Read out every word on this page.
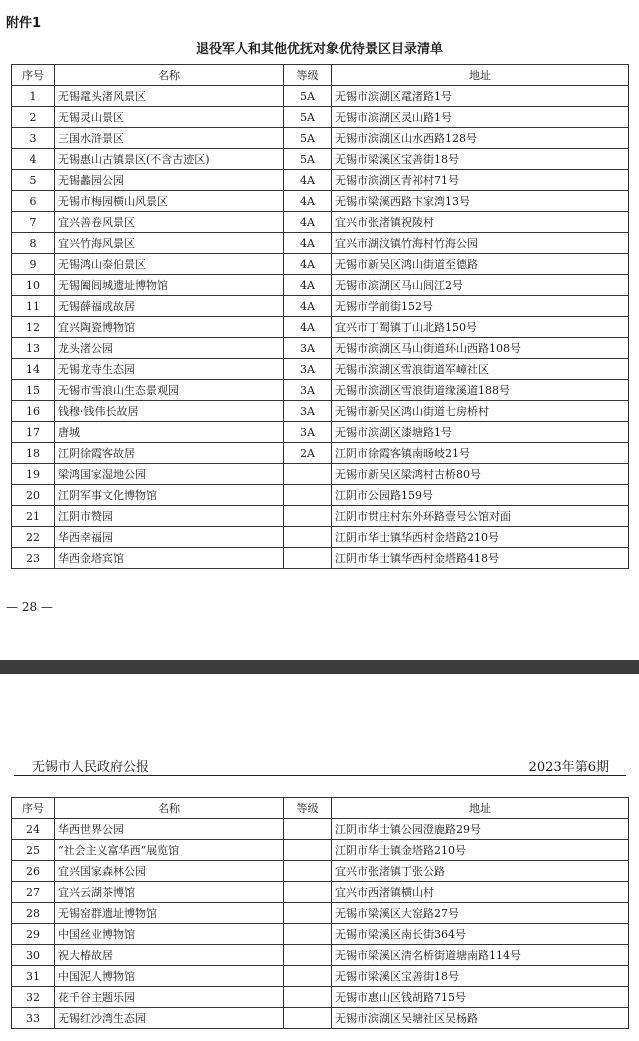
附件1
退役军人和其他优抚对象优待景区目录清单
序号	名称	等级	地址
1	无锡鼋头渚风景区	5A	无锡市滨湖区鼋渚路1号
2	无锡灵山景区	5A	无锡市滨湖区灵山路1号
3	三国水浒景区	5A	无锡市滨湖区山水西路128号
4	无锡惠山古镇景区(不含古迹区)	5A	无锡市梁溪区宝善街18号
5	无锡蠡园公园	4A	无锡市滨湖区青祁村71号
6	无锡市梅园横山风景区	4A	无锡市梁溪西路卞家湾13号
7	宜兴善卷风景区	4A	宜兴市张渚镇祝陵村
8	宜兴竹海风景区	4A	宜兴市湖汶镇竹海村竹海公园
9	无锡鸿山泰伯景区	4A	无锡市新吴区鸿山街道至德路
10	无锡阖闾城遗址博物馆	4A	无锡市滨湖区马山闾江2号
11	无锡薛福成故居	4A	无锡市学前街152号
12	宜兴陶瓷博物馆	4A	宜兴市丁蜀镇丁山北路150号
13	龙头渚公园	3A	无锡市滨湖区马山街道环山西路108号
14	无锡龙寺生态园	3A	无锡市滨湖区雪浪街道军嶂社区
15	无锡市雪浪山生态景观园	3A	无锡市滨湖区雪浪街道缘溪道188号
16	钱穆·钱伟长故居	3A	无锡市新吴区鸿山街道七房桥村
17	唐城	3A	无锡市滨湖区漆塘路1号
18	江阴徐霞客故居	2A	江阴市徐霞客镇南旸岐21号
19	梁鸿国家湿地公园		无锡市新吴区梁鸿村古桥80号
20	江阴军事文化博物馆		江阴市公园路159号
21	江阴市赞园		江阴市贯庄村东外环路壹号公馆对面
22	华西幸福园		江阴市华士镇华西村金塔路210号
23	华西金塔宾馆		江阴市华士镇华西村金塔路418号
— 28 —
无锡市人民政府公报	2023年第6期
序号	名称	等级	地址
24	华西世界公园		江阴市华士镇公园澄鹿路29号
25	“社会主义富华西”展览馆		江阴市华士镇金塔路210号
26	宜兴国家森林公园		宜兴市张渚镇丁张公路
27	宜兴云湖茶博馆		宜兴市西渚镇横山村
28	无锡窑群遗址博物馆		无锡市梁溪区大窑路27号
29	中国丝业博物馆		无锡市梁溪区南长街364号
30	祝大椿故居		无锡市梁溪区清名桥街道塘南路114号
31	中国泥人博物馆		无锡市梁溪区宝善街18号
32	花千谷主题乐园		无锡市惠山区钱胡路715号
33	无锡红沙湾生态园		无锡市滨湖区吴塘社区吴杨路
